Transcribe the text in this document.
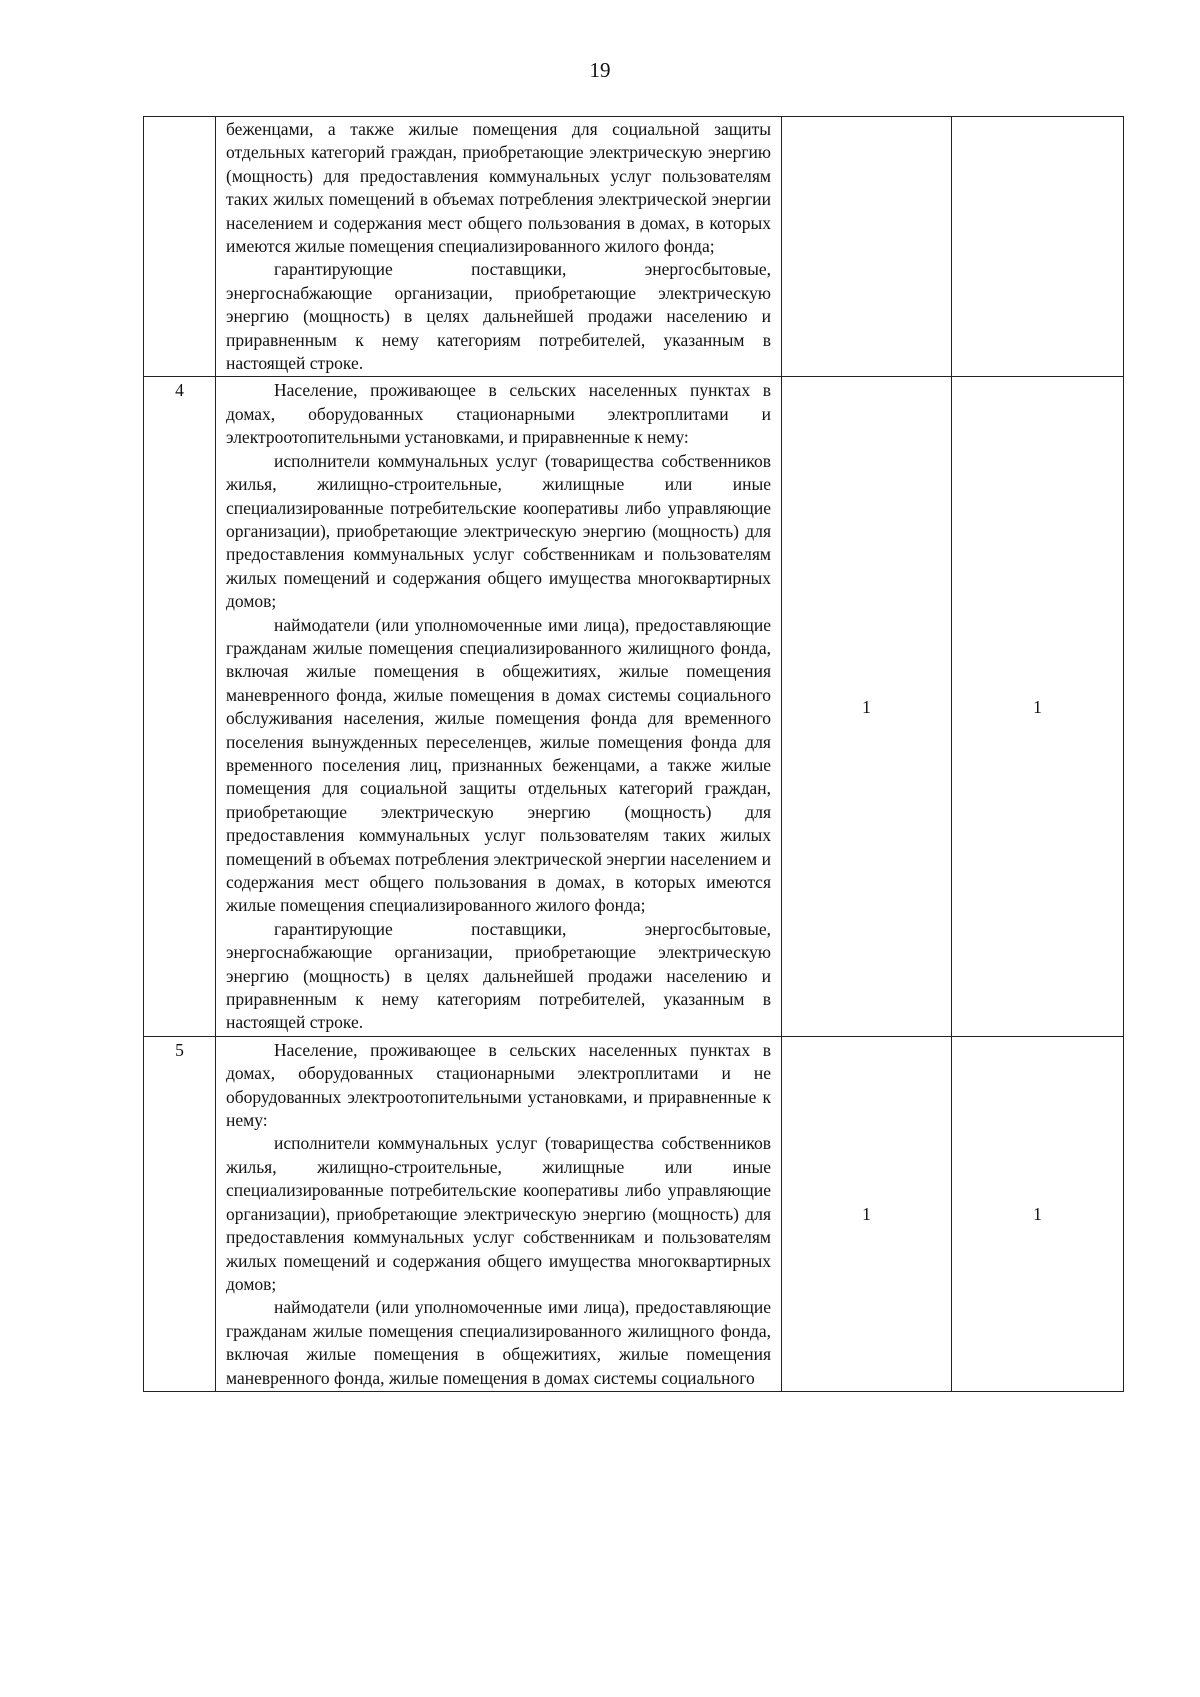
19

	беженцами, а также жилые помещения для социальной защиты отдельных категорий граждан, приобретающие электрическую энергию (мощность) для предоставления коммунальных услуг пользователям таких жилых помещений в объемах потребления электрической энергии населением и содержания мест общего пользования в домах, в которых имеются жилые помещения специализированного жилого фонда;

гарантирующие поставщики, энергосбытовые, энергоснабжающие организации, приобретающие электрическую энергию (мощность) в целях дальнейшей продажи населению и приравненным к нему категориям потребителей, указанным в настоящей строке.		

4	Население, проживающее в сельских населенных пунктах в домах, оборудованных стационарными электроплитами и электроотопительными установками, и приравненные к нему:

исполнители коммунальных услуг (товарищества собственников жилья, жилищно-строительные, жилищные или иные специализированные потребительские кооперативы либо управляющие организации), приобретающие электрическую энергию (мощность) для предоставления коммунальных услуг собственникам и пользователям жилых помещений и содержания общего имущества многоквартирных домов;

наймодатели (или уполномоченные ими лица), предоставляющие гражданам жилые помещения специализированного жилищного фонда, включая жилые помещения в общежитиях, жилые помещения маневренного фонда, жилые помещения в домах системы социального обслуживания населения, жилые помещения фонда для временного поселения вынужденных переселенцев, жилые помещения фонда для временного поселения лиц, признанных беженцами, а также жилые помещения для социальной защиты отдельных категорий граждан, приобретающие электрическую энергию (мощность) для предоставления коммунальных услуг пользователям таких жилых помещений в объемах потребления электрической энергии населением и содержания мест общего пользования в домах, в которых имеются жилые помещения специализированного жилого фонда;

гарантирующие поставщики, энергосбытовые, энергоснабжающие организации, приобретающие электрическую энергию (мощность) в целях дальнейшей продажи населению и приравненным к нему категориям потребителей, указанным в настоящей строке.	1	1
5	Население, проживающее в сельских населенных пунктах в домах, оборудованных стационарными электроплитами и не оборудованных электроотопительными установками, и приравненные к нему:

исполнители коммунальных услуг (товарищества собственников жилья, жилищно-строительные, жилищные или иные специализированные потребительские кооперативы либо управляющие организации), приобретающие электрическую энергию (мощность) для предоставления коммунальных услуг собственникам и пользователям жилых помещений и содержания общего имущества многоквартирных домов;

наймодатели (или уполномоченные ими лица), предоставляющие гражданам жилые помещения специализированного жилищного фонда, включая жилые помещения в общежитиях, жилые помещения маневренного фонда, жилые помещения в домах системы социального	1	1
